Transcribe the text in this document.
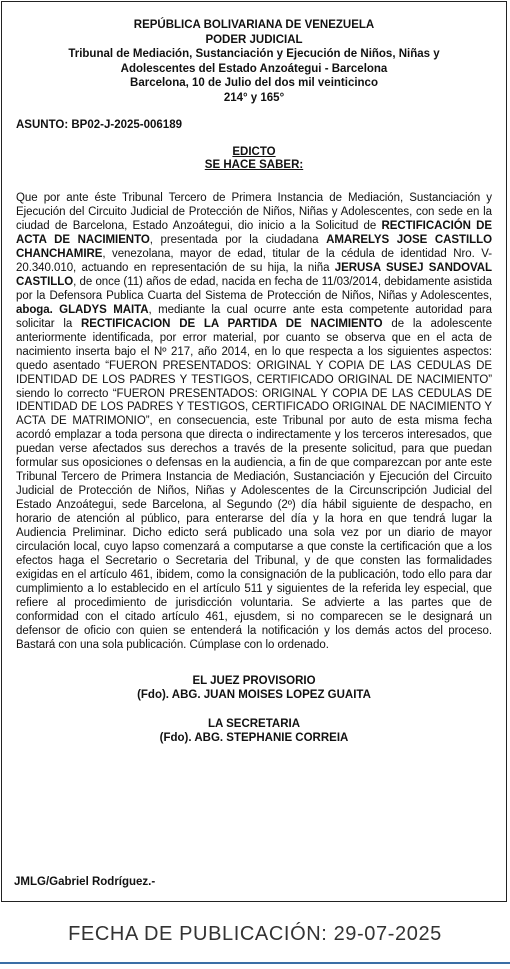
REPÚBLICA BOLIVARIANA DE VENEZUELA
PODER JUDICIAL
Tribunal de Mediación, Sustanciación y Ejecución de Niños, Niñas y
Adolescentes del Estado Anzoátegui - Barcelona
Barcelona, 10 de Julio del dos mil veinticinco
214° y 165°
ASUNTO: BP02-J-2025-006189
EDICTO
SE HACE SABER:
Que por ante éste Tribunal Tercero de Primera Instancia de Mediación, Sustanciación y Ejecución del Circuito Judicial de Protección de Niños, Niñas y Adolescentes, con sede en la ciudad de Barcelona, Estado Anzoátegui, dio inicio a la Solicitud de RECTIFICACIÓN DE ACTA DE NACIMIENTO, presentada por la ciudadana AMARELYS JOSE CASTILLO CHANCHAMIRE, venezolana, mayor de edad, titular de la cédula de identidad Nro. V-20.340.010, actuando en representación de su hija, la niña JERUSA SUSEJ SANDOVAL CASTILLO, de once (11) años de edad, nacida en fecha de 11/03/2014, debidamente asistida por la Defensora Publica Cuarta del Sistema de Protección de Niños, Niñas y Adolescentes, aboga. GLADYS MAITA, mediante la cual ocurre ante esta competente autoridad para solicitar la RECTIFICACION DE LA PARTIDA DE NACIMIENTO de la adolescente anteriormente identificada, por error material, por cuanto se observa que en el acta de nacimiento inserta bajo el Nº 217, año 2014, en lo que respecta a los siguientes aspectos: quedo asentado “FUERON PRESENTADOS: ORIGINAL Y COPIA DE LAS CEDULAS DE IDENTIDAD DE LOS PADRES Y TESTIGOS, CERTIFICADO ORIGINAL DE NACIMIENTO” siendo lo correcto “FUERON PRESENTADOS: ORIGINAL Y COPIA DE LAS CEDULAS DE IDENTIDAD DE LOS PADRES Y TESTIGOS, CERTIFICADO ORIGINAL DE NACIMIENTO Y ACTA DE MATRIMONIO”, en consecuencia, este Tribunal por auto de esta misma fecha acordó emplazar a toda persona que directa o indirectamente y los terceros interesados, que puedan verse afectados sus derechos a través de la presente solicitud, para que puedan formular sus oposiciones o defensas en la audiencia, a fin de que comparezcan por ante este Tribunal Tercero de Primera Instancia de Mediación, Sustanciación y Ejecución del Circuito Judicial de Protección de Niños, Niñas y Adolescentes de la Circunscripción Judicial del Estado Anzoátegui, sede Barcelona, al Segundo (2º) día hábil siguiente de despacho, en horario de atención al público, para enterarse del día y la hora en que tendrá lugar la Audiencia Preliminar. Dicho edicto será publicado una sola vez por un diario de mayor circulación local, cuyo lapso comenzará a computarse a que conste la certificación que a los efectos haga el Secretario o Secretaria del Tribunal, y de que consten las formalidades exigidas en el artículo 461, ibidem, como la consignación de la publicación, todo ello para dar cumplimiento a lo establecido en el artículo 511 y siguientes de la referida ley especial, que refiere al procedimiento de jurisdicción voluntaria. Se advierte a las partes que de conformidad con el citado artículo 461, ejusdem, si no comparecen se le designará un defensor de oficio con quien se entenderá la notificación y los demás actos del proceso. Bastará con una sola publicación. Cúmplase con lo ordenado.
EL JUEZ PROVISORIO
(Fdo). ABG. JUAN MOISES LOPEZ GUAITA
LA SECRETARIA
(Fdo). ABG. STEPHANIE CORREIA
JMLG/Gabriel Rodríguez.-
FECHA DE PUBLICACIÓN: 29-07-2025
